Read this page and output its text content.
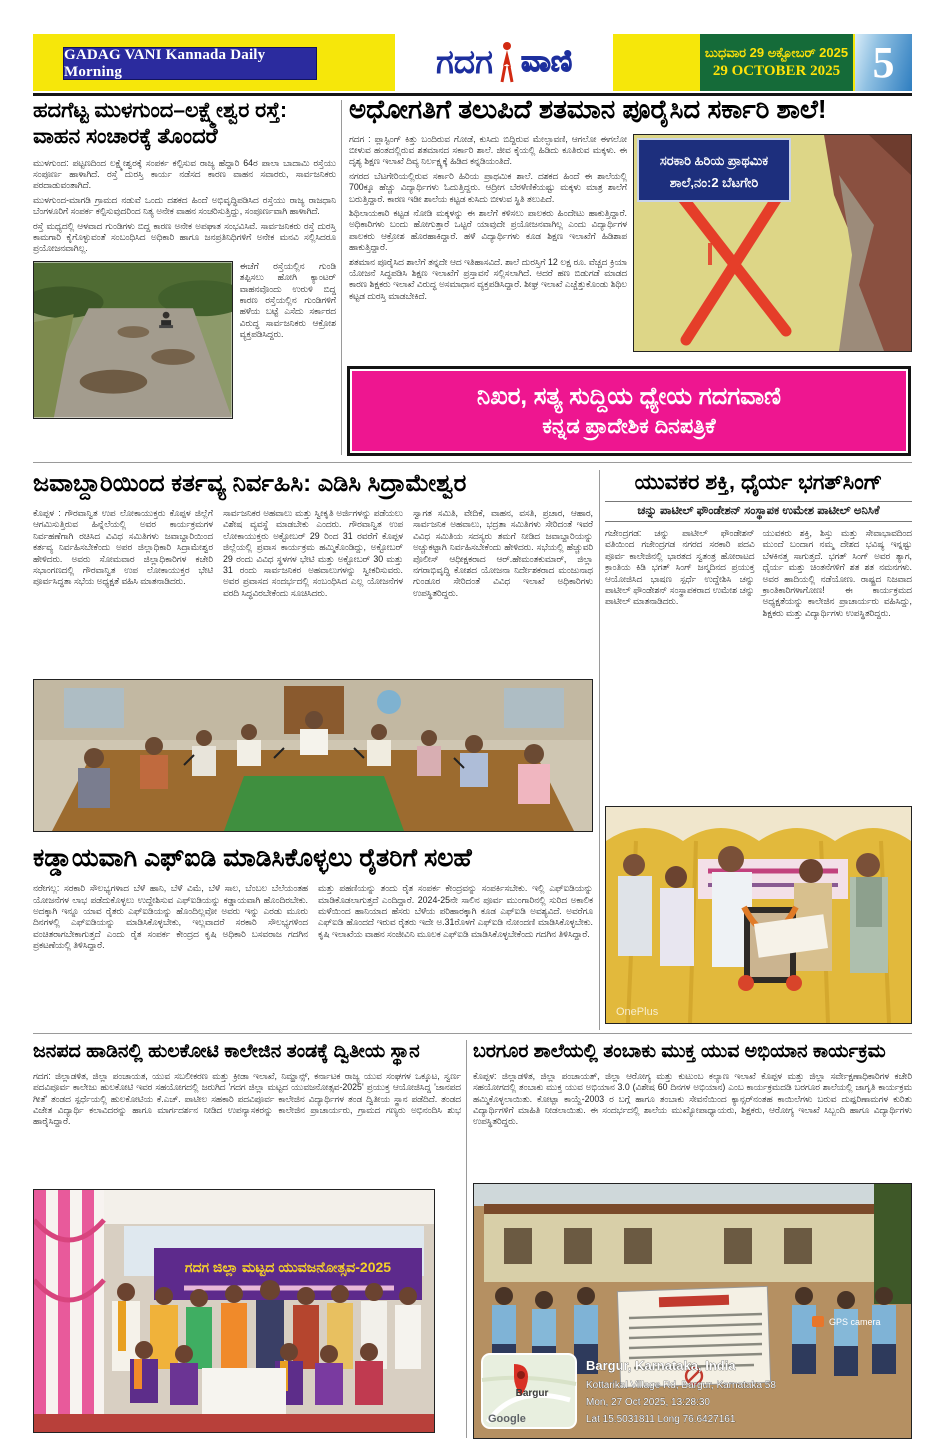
GADAG VANI Kannada Daily Morning	ಗದಗ ವಾಣಿ	ಬುಧವಾರ 29 ಅಕ್ಟೋಬರ್ 2025
29 OCTOBER 2025 5
ಹದಗೆಟ್ಟ ಮುಳಗುಂದ–ಲಕ್ಷ್ಮೇಶ್ವರ ರಸ್ತೆ:
ವಾಹನ ಸಂಚಾರಕ್ಕೆ ತೊಂದರೆ

ಮುಳಗುಂದ: ಪಟ್ಟಣದಿಂದ ಲಕ್ಷ್ಮೇಶ್ವರಕ್ಕೆ ಸಂಪರ್ಕ ಕಲ್ಪಿಸುವ ರಾಜ್ಯ ಹೆದ್ದಾರಿ 64ರ ಪಾಲಾ ಬಾದಾಮಿ ರಸ್ತೆಯು ಸಂಪೂರ್ಣ ಹಾಳಾಗಿದೆ. ರಸ್ತೆ ದುರಸ್ತಿ ಕಾರ್ಯ ನಡೆಸದ ಕಾರಣ ವಾಹನ ಸವಾರರು, ಸಾರ್ವಜನಿಕರು ಪರದಾಡುವಂತಾಗಿದೆ.

ಮುಳಗುಂದ-ಮಾಗಡಿ ಗ್ರಾಮದ ನಡುವೆ ಒಂದು ದಶಕದ ಹಿಂದೆ ಅಭಿವೃದ್ಧಿಪಡಿಸಿದ ರಸ್ತೆಯು ರಾಜ್ಯ ರಾಜಧಾನಿ ಬೆಂಗಳೂರಿಗೆ ಸಂಪರ್ಕ ಕಲ್ಪಿಸುವುದರಿಂದ ನಿತ್ಯ ಅನೇಕ ವಾಹನ ಸಂಚರಿಸುತ್ತಿದ್ದು, ಸಂಪೂರ್ಣವಾಗಿ ಹಾಳಾಗಿದೆ.

ರಸ್ತೆ ಮಧ್ಯದಲ್ಲಿ ಆಳವಾದ ಗುಂಡಿಗಳು ಬಿದ್ದ ಕಾರಣ ಅನೇಕ ಅಪಘಾತ ಸಂಭವಿಸಿವೆ. ಸಾರ್ವಜನಿಕರು ರಸ್ತೆ ದುರಸ್ತಿ ಕಾಮಗಾರಿ ಕೈಗೊಳ್ಳುವಂತೆ ಸಂಬಂಧಿಸಿದ ಅಧಿಕಾರಿ ಹಾಗೂ ಜನಪ್ರತಿನಿಧಿಗಳಿಗೆ ಅನೇಕ ಮನವಿ ಸಲ್ಲಿಸಿದರೂ ಪ್ರಯೋಜನವಾಗಿಲ್ಲ.

ಈಚೆಗೆ ರಸ್ತೆಯಲ್ಲಿನ ಗುಂಡಿ ತಪ್ಪಿಸಲು ಹೋಗಿ ಕ್ಯಾಂಟರ್ ವಾಹನವೊಂದು ಉರುಳಿ ಬಿದ್ದ ಕಾರಣ ರಸ್ತೆಯಲ್ಲಿನ ಗುಂಡಿಗಳಿಗೆ ಹಳೆಯ ಬಟ್ಟೆ ಎಸೆದು ಸರ್ಕಾರದ ವಿರುದ್ಧ ಸಾರ್ವಜನಿಕರು ಆಕ್ರೋಶ ವ್ಯಕ್ತಪಡಿಸಿದ್ದರು.

ಅಧೋಗತಿಗೆ ತಲುಪಿದೆ ಶತಮಾನ ಪೂರೈಸಿದ ಸರ್ಕಾರಿ ಶಾಲೆ!

ಗದಗ : ಪ್ಲಾಸ್ಟಿಂಗ್ ಕಿತ್ತು ಬಂದಿರುವ ಗೋಡೆ, ಕುಸಿದು ಬಿದ್ದಿರುವ ಮೇಲ್ಛಾವಣಿ, ಆಗಲೋ ಈಗಲೋ ಬೀಳುವ ಹಂತದಲ್ಲಿರುವ ಶತಮಾನದ ಸರ್ಕಾರಿ ಶಾಲೆ. ಜೀವ ಕೈಯಲ್ಲಿ ಹಿಡಿದು ಕೂತಿರುವ ಮಕ್ಕಳು. ಈ ದೃಶ್ಯ ಶಿಕ್ಷಣ ಇಲಾಖೆ ದಿವ್ಯ ನಿರ್ಲಕ್ಷ್ಯಕ್ಕೆ ಹಿಡಿದ ಕನ್ನಡಿಯಂತಿದೆ.

ನಗರದ ಬೆಟಗೇರಿಯಲ್ಲಿರುವ ಸರ್ಕಾರಿ ಹಿರಿಯ ಪ್ರಾಥಮಿಕ ಶಾಲೆ. ದಶಕದ ಹಿಂದೆ ಈ ಶಾಲೆಯಲ್ಲಿ 700ಕ್ಕೂ ಹೆಚ್ಚು ವಿದ್ಯಾರ್ಥಿಗಳು ಓದುತ್ತಿದ್ದರು. ಆದ್ರೀಗ ಬೆರಳೆಣಿಕೆಯಷ್ಟು ಮಕ್ಕಳು ಮಾತ್ರ ಶಾಲೆಗೆ ಬರುತ್ತಿದ್ದಾರೆ. ಕಾರಣ ಇಡೀ ಶಾಲೆಯ ಕಟ್ಟಡ ಕುಸಿದು ಬೀಳುವ ಸ್ಥಿತಿ ತಲುಪಿದೆ.

ಶಿಥಿಲಾಯಕಾರಿ ಕಟ್ಟಡ ನೋಡಿ ಮಕ್ಕಳನ್ನು ಈ ಶಾಲೆಗೆ ಕಳಿಸಲು ಪಾಲಕರು ಹಿಂದೇಟು ಹಾಕುತ್ತಿದ್ದಾರೆ. ಅಧಿಕಾರಿಗಳು ಬಂದು ಹೋಗುತ್ತಾರೆ ಒಟ್ಟರೆ ಯಾವುದೇ ಪ್ರಯೋಜನವಾಗಿಲ್ಲ ಎಂದು ವಿದ್ಯಾರ್ಥಿಗಳ ಪಾಲಕರು ಆಕ್ರೋಶ ಹೊರಹಾಕಿದ್ದಾರೆ. ಹಳೆ ವಿದ್ಯಾರ್ಥಿಗಳು ಕೂಡ ಶಿಕ್ಷಣ ಇಲಾಖೆಗೆ ಹಿಡಿಶಾಪ ಹಾಕುತ್ತಿದ್ದಾರೆ.

ಶತಮಾನ ಪೂರೈಸಿದ ಶಾಲೆಗೆ ತನ್ನದೇ ಆದ ಇತಿಹಾಸವಿದೆ. ಶಾಲೆ ದುರಸ್ತಿಗೆ 12 ಲಕ್ಷ ರೂ. ವೆಚ್ಚದ ಕ್ರಿಯಾ ಯೋಜನೆ ಸಿದ್ಧಪಡಿಸಿ ಶಿಕ್ಷಣ ಇಲಾಖೆಗೆ ಪ್ರಸ್ತಾವನೆ ಸಲ್ಲಿಸಲಾಗಿದೆ. ಆದರೆ ಹಣ ಬಿಡುಗಡೆ ಮಾಡದ ಕಾರಣ ಶಿಕ್ಷಕರು ಇಲಾಖೆ ವಿರುದ್ಧ ಅಸಮಾಧಾನ ವ್ಯಕ್ತಪಡಿಸಿದ್ದಾರೆ. ಶೀಘ್ರ ಇಲಾಖೆ ಎಚ್ಚೆತ್ತುಕೊಂಡು ಶಿಥಿಲ ಕಟ್ಟಡ ದುರಸ್ತಿ ಮಾಡಬೇಕಿದೆ.

ಸರಕಾರಿ ಹಿರಿಯ ಪ್ರಾಥಮಿಕ
ಶಾಲೆ,ನಂ:2 ಬೆಟಗೇರಿ
ನಿಖರ, ಸತ್ಯ ಸುದ್ದಿಯ ಧ್ಯೇಯ ಗದಗವಾಣಿ
ಕನ್ನಡ ಪ್ರಾದೇಶಿಕ ದಿನಪತ್ರಿಕೆ
ಜವಾಬ್ದಾರಿಯಿಂದ ಕರ್ತವ್ಯ ನಿರ್ವಹಿಸಿ: ಎಡಿಸಿ ಸಿದ್ರಾಮೇಶ್ವರ
ಕೊಪ್ಪಳ : ಗೌರವಾನ್ವಿತ ಉಪ ಲೋಕಾಯುಕ್ತರು ಕೊಪ್ಪಳ ಜಿಲ್ಲೆಗೆ ಆಗಮಿಸುತ್ತಿರುವ ಹಿನ್ನೆಲೆಯಲ್ಲಿ ಅವರ ಕಾರ್ಯಕ್ರಮಗಳ ನಿರ್ವಹಣೆಗಾಗಿ ರಚಿಸಿದ ವಿವಿಧ ಸಮಿತಿಗಳು ಜವಾಬ್ದಾರಿಯಿಂದ ಕರ್ತವ್ಯ ನಿರ್ವಹಿಸಬೇಕೆಂದು ಅಪರ ಜಿಲ್ಲಾಧಿಕಾರಿ ಸಿದ್ರಾಮೇಶ್ವರ ಹೇಳಿದರು. ಅವರು ಸೋಮವಾರ ಜಿಲ್ಲಾಧಿಕಾರಿಗಳ ಕಚೇರಿ ಸಭಾಂಗಣದಲ್ಲಿ ಗೌರವಾನ್ವಿತ ಉಪ ಲೋಕಾಯುಕ್ತರ ಭೇಟಿ ಪೂರ್ವಸಿದ್ಧತಾ ಸಭೆಯ ಅಧ್ಯಕ್ಷತೆ ವಹಿಸಿ ಮಾತನಾಡಿದರು.
ಸಾರ್ವಜನಿಕರ ಅಹವಾಲು ಮತ್ತು ಸ್ವೀಕೃತಿ ಅರ್ಜಿಗಳನ್ನು ಪಡೆಯಲು ವಿಶೇಷ ವ್ಯವಸ್ಥೆ ಮಾಡಬೇಕು ಎಂದರು. ಗೌರವಾನ್ವಿತ ಉಪ ಲೋಕಾಯುಕ್ತರು ಅಕ್ಟೋಬರ್ 29 ರಿಂದ 31 ರವರೆಗೆ ಕೊಪ್ಪಳ ಜಿಲ್ಲೆಯಲ್ಲಿ ಪ್ರವಾಸ ಕಾರ್ಯಕ್ರಮ ಹಮ್ಮಿಕೊಂಡಿದ್ದು, ಅಕ್ಟೋಬರ್ 29 ರಂದು ವಿವಿಧ ಸ್ಥಳಗಳ ಭೇಟಿ ಮತ್ತು ಅಕ್ಟೋಬರ್ 30 ಮತ್ತು 31 ರಂದು ಸಾರ್ವಜನಿಕರ ಅಹವಾಲುಗಳನ್ನು ಸ್ವೀಕರಿಸುವರು. ಅವರ ಪ್ರವಾಸದ ಸಂದರ್ಭದಲ್ಲಿ ಸಂಬಂಧಿಸಿದ ಎಲ್ಲ ಯೋಜನೆಗಳ ವರದಿ ಸಿದ್ಧವಿರಬೇಕೆಂದು ಸೂಚಿಸಿದರು.
ಸ್ವಾಗತ ಸಮಿತಿ, ವೇದಿಕೆ, ವಾಹನ, ವಸತಿ, ಪ್ರಚಾರ, ಆಹಾರ, ಸಾರ್ವಜನಿಕ ಅಹವಾಲು, ಭದ್ರತಾ ಸಮಿತಿಗಳು ಸೇರಿದಂತೆ ಇವರೆ ವಿವಿಧ ಸಮಿತಿಯ ಸದಸ್ಯರು ತಮಗೆ ನೀಡಿದ ಜವಾಬ್ದಾರಿಯನ್ನು ಅಚ್ಚುಕಟ್ಟಾಗಿ ನಿರ್ವಹಿಸಬೇಕೆಂದು ಹೇಳಿದರು. ಸಭೆಯಲ್ಲಿ ಹೆಚ್ಚುವರಿ ಪೊಲೀಸ್ ಆಧೀಕ್ಷಕರಾದ ಆರ್.ಹೇಮಂತಕುಮಾರ್, ಜಿಲ್ಲಾ ನಗರಾಭಿವೃದ್ಧಿ ಕೋಶದ ಯೋಜನಾ ನಿರ್ದೇಶಕರಾದ ಮಂಜುನಾಥ ಗುಂಡೂರ ಸೇರಿದಂತೆ ವಿವಿಧ ಇಲಾಖೆ ಅಧಿಕಾರಿಗಳು ಉಪಸ್ಥಿತರಿದ್ದರು.
ಕಡ್ಡಾಯವಾಗಿ ಎಫ್‌ಐಡಿ ಮಾಡಿಸಿಕೊಳ್ಳಲು ರೈತರಿಗೆ ಸಲಹೆ
ನರೇಗಲ್ಲ: ಸರಕಾರಿ ಸೌಲಭ್ಯಗಳಾದ ಬೆಳೆ ಹಾನಿ, ಬೆಳೆ ವಿಮೆ, ಬೆಳೆ ಸಾಲ, ಬೆಂಬಲ ಬೆಲೆಯಂತಹ ಯೋಜನೆಗಳ ಲಾಭ ಪಡೆದುಕೊಳ್ಳಲು ಉದ್ದೇಶಿಸುವ ಎಫ್‌ಐಡಿಯನ್ನು ಕಡ್ಡಾಯವಾಗಿ ಹೊಂದಿರಬೇಕು. ಅದಕ್ಕಾಗಿ ಇನ್ನೂ ಯಾವ ರೈತರು ಎಫ್‌ಐಡಿಯನ್ನು ಹೊಂದಿಲ್ಲವೋ ಅವರು ಇನ್ನು ಎರಡು ಮೂರು ದಿನಗಳಲ್ಲಿ ಎಫ್‌ಐಡಿಯನ್ನು ಮಾಡಿಸಿಕೊಳ್ಳಬೇಕು, ಇಲ್ಲವಾದರೆ ಸರಕಾರಿ ಸೌಲಭ್ಯಗಳಿಂದ ವಂಚಿತರಾಗಬೇಕಾಗುತ್ತದೆ ಎಂದು ರೈತ ಸಂಪರ್ಕ ಕೇಂದ್ರದ ಕೃಷಿ ಅಧಿಕಾರಿ ಬಸವರಾಜ ಗದಗಿನ ಪ್ರಕಟಣೆಯಲ್ಲಿ ತಿಳಿಸಿದ್ದಾರೆ.
ಮತ್ತು ಪಹಣಿಯನ್ನು ತಂದು ರೈತ ಸಂಪರ್ಕ ಕೇಂದ್ರವನ್ನು ಸಂಪರ್ಕಿಸಬೇಕು. ಇಲ್ಲಿ ಎಫ್‌ಐಡಿಯನ್ನು ಮಾಡಿಕೊಡಲಾಗುತ್ತದೆ ಎಂದಿದ್ದಾರೆ. 2024-25ನೇ ಸಾಲಿನ ಪೂರ್ವ ಮುಂಗಾರಿನಲ್ಲಿ ಸುರಿದ ಅಕಾಲಿಕ ಮಳೆಯಿಂದ ಹಾನಿಯಾದ ಹೆಸರು ಬೆಳೆಯ ಪರಿಹಾರಕ್ಕಾಗಿ ಕೂಡ ಎಫ್‌ಐಡಿ ಅವಶ್ಯವಿದೆ. ಅವರೆಗೂ ಎಫ್‌ಐಡಿ ಹೊಂದದೆ ಇರುವ ರೈತರು ಇದೇ ಅ.31ರೊಳಗೆ ಎಫ್‌ಐಡಿ ನೋಂದಣಿ ಮಾಡಿಸಿಕೊಳ್ಳಬೇಕು. ಕೃಷಿ ಇಲಾಖೆಯ ವಾಹನ ಸಂಜೀವಿನಿ ಮೂಲಕ ಎಫ್‌ಐಡಿ ಮಾಡಿಸಿಕೊಳ್ಳಬೇಕೆಂದು ಗದಗಿನ ತಿಳಿಸಿದ್ದಾರೆ.
ಯುವಕರ ಶಕ್ತಿ, ಧೈರ್ಯ ಭಗತ್‌ಸಿಂಗ್
ಚನ್ನು ಪಾಟೀಲ್ ಫೌಂಡೇಶನ್ ಸಂಸ್ಥಾಪಕ ಉಮೇಶ ಪಾಟೀಲ್ ಅನಿಸಿಕೆ
ಗಜೇಂದ್ರಗಡ: ಚನ್ನು ಪಾಟೀಲ್ ಫೌಂಡೇಶನ್ ವತಿಯಿಂದ ಗಜೇಂದ್ರಗಡ ನಗರದ ಸರಕಾರಿ ಪದವಿ ಪೂರ್ವ ಕಾಲೇಜಿನಲ್ಲಿ ಭಾರತದ ಸ್ವತಂತ್ರ ಹೋರಾಟದ ಕ್ರಾಂತಿಯ ಕಿಡಿ ಭಗತ್ ಸಿಂಗ್ ಜನ್ಮದಿನದ ಪ್ರಯುಕ್ತ ಆಯೋಜಿಸಿದ ಭಾಷಣ ಸ್ಪರ್ಧೆ ಉದ್ದೇಶಿಸಿ ಚನ್ನು ಪಾಟೀಲ್ ಫೌಂಡೇಶನ್ ಸಂಸ್ಥಾಪಕರಾದ ಉಮೇಶ ಚನ್ನು ಪಾಟೀಲ್ ಮಾತನಾಡಿದರು.
ಯುವಕರು ಶಕ್ತಿ, ಶಿಸ್ತು ಮತ್ತು ಸೇವಾಭಾವದಿಂದ ಮುಂದೆ ಬಂದಾಗ ನಮ್ಮ ದೇಶದ ಭವಿಷ್ಯ ಇನ್ನಷ್ಟು ಬೆಳಕಿನತ್ತ ಸಾಗುತ್ತದೆ. ಭಗತ್ ಸಿಂಗ್ ಅವರ ತ್ಯಾಗ, ಧೈರ್ಯ ಮತ್ತು ಚಿಂತನೆಗಳಿಗೆ ಶತ ಶತ ನಮನಗಳು. ಅವರ ಹಾದಿಯಲ್ಲಿ ನಡೆಯೋಣ. ರಾಷ್ಟ್ರದ ನಿಜವಾದ ಕ್ರಾಂತಿಕಾರಿಗಳಾಗೋಣ! ಈ ಕಾರ್ಯಕ್ರಮದ ಅಧ್ಯಕ್ಷತೆಯನ್ನು ಕಾಲೇಜಿನ ಪ್ರಾಚಾರ್ಯರು ವಹಿಸಿದ್ದು, ಶಿಕ್ಷಕರು ಮತ್ತು ವಿದ್ಯಾರ್ಥಿಗಳು ಉಪಸ್ಥಿತರಿದ್ದರು.
OnePlus
ಜನಪದ ಹಾಡಿನಲ್ಲಿ ಹುಲಕೋಟಿ ಕಾಲೇಜಿನ ತಂಡಕ್ಕೆ ದ್ವಿತೀಯ ಸ್ಥಾನ
ಗದಗ: ಜಿಲ್ಲಾಡಳಿತ, ಜಿಲ್ಲಾ ಪಂಚಾಯತ, ಯುವ ಸಬಲೀಕರಣ ಮತ್ತು ಕ್ರೀಡಾ ಇಲಾಖೆ, ನಿಮ್ಹಾನ್ಸ್, ಕರ್ನಾಟಕ ರಾಜ್ಯ ಯುವ ಸಂಘಗಳ ಒಕ್ಕೂಟ, ಸ್ವರ್ಣ ಪದವಿಪೂರ್ವ ಕಾಲೇಜು ಹುಲಕೋಟಿ ಇವರ ಸಹಯೋಗದಲ್ಲಿ ಜರುಗಿದ 'ಗದಗ ಜಿಲ್ಲಾ ಮಟ್ಟದ ಯುವಜನೋತ್ಸವ-2025' ಪ್ರಯುಕ್ತ ಆಯೋಜಿಸಿದ್ದ 'ಜಾನಪದ ಗೀತೆ' ತಂಡದ ಸ್ಪರ್ಧೆಯಲ್ಲಿ ಹುಲಕೋಟಿಯ ಕೆ.ಎಚ್. ಪಾಟೀಲ ಸಹಕಾರಿ ಪದವಿಪೂರ್ವ ಕಾಲೇಜಿನ ವಿದ್ಯಾರ್ಥಿಗಳ ತಂಡ ದ್ವಿತೀಯ ಸ್ಥಾನ ಪಡೆದಿದೆ. ತಂಡದ ವಿಜೇತ ವಿದ್ಯಾರ್ಥಿ ಕಲಾವಿದರನ್ನು ಹಾಗೂ ಮಾರ್ಗದರ್ಶನ ನೀಡಿದ ಉಪನ್ಯಾಸಕರನ್ನು ಕಾಲೇಜಿನ ಪ್ರಾಚಾರ್ಯರು, ಗ್ರಾಮದ ಗಣ್ಯರು ಅಭಿನಂದಿಸಿ ಶುಭ ಹಾರೈಸಿದ್ದಾರೆ.
ಗದಗ ಜಿಲ್ಲಾ ಮಟ್ಟದ ಯುವಜನೋತ್ಸವ-2025
ಬರಗೂರ ಶಾಲೆಯಲ್ಲಿ ತಂಬಾಕು ಮುಕ್ತ ಯುವ ಅಭಿಯಾನ ಕಾರ್ಯಕ್ರಮ
ಕೊಪ್ಪಳ: ಜಿಲ್ಲಾಡಳಿತ, ಜಿಲ್ಲಾ ಪಂಚಾಯತ್, ಜಿಲ್ಲಾ ಆರೋಗ್ಯ ಮತ್ತು ಕುಟುಂಬ ಕಲ್ಯಾಣ ಇಲಾಖೆ ಕೊಪ್ಪಳ ಮತ್ತು ಜಿಲ್ಲಾ ಸರ್ವೇಕ್ಷಣಾಧಿಕಾರಿಗಳ ಕಚೇರಿ ಸಹಯೋಗದಲ್ಲಿ ತಂಬಾಕು ಮುಕ್ತ ಯುವ ಅಭಿಯಾನ 3.0 (ವಿಶೇಷ 60 ದಿನಗಳ ಅಭಿಯಾನ) ಎಂಬ ಕಾರ್ಯಕ್ರಮದಡಿ ಬರಗೂರ ಶಾಲೆಯಲ್ಲಿ ಜಾಗೃತಿ ಕಾರ್ಯಕ್ರಮ ಹಮ್ಮಿಕೊಳ್ಳಲಾಯಿತು. ಕೋಟ್ಪಾ ಕಾಯ್ದೆ-2003 ರ ಬಗ್ಗೆ ಹಾಗೂ ತಂಬಾಕು ಸೇವನೆಯಿಂದ ಕ್ಯಾನ್ಸರ್‌ನಂತಹ ಕಾಯಿಲೆಗಳು ಬರುವ ದುಷ್ಪರಿಣಾಮಗಳ ಕುರಿತು ವಿದ್ಯಾರ್ಥಿಗಳಿಗೆ ಮಾಹಿತಿ ನೀಡಲಾಯಿತು. ಈ ಸಂದರ್ಭದಲ್ಲಿ ಶಾಲೆಯ ಮುಖ್ಯೋಪಾಧ್ಯಾಯರು, ಶಿಕ್ಷಕರು, ಆರೋಗ್ಯ ಇಲಾಖೆ ಸಿಬ್ಬಂದಿ ಹಾಗೂ ವಿದ್ಯಾರ್ಥಿಗಳು ಉಪಸ್ಥಿತರಿದ್ದರು.
GPS camera
Bargur
Google
Bargur, Karnataka, India
Kottarikal Village Rd, Bargur, Karnataka 58
Mon, 27 Oct 2025, 13:28:30
Lat 15.5031811 Long 76.6427161
